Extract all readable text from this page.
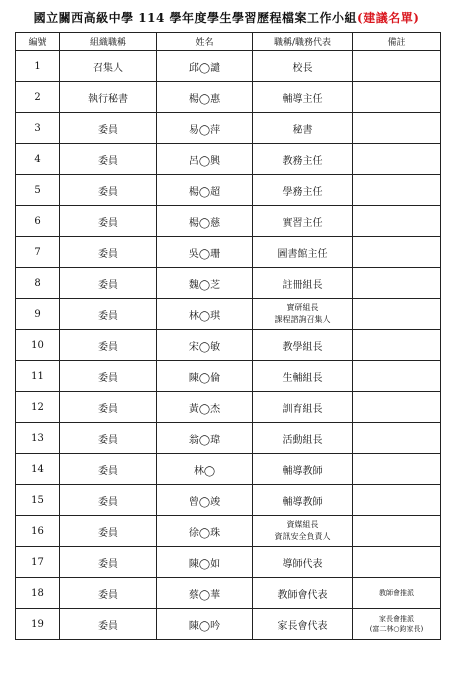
國立關西高級中學 114 學年度學生學習歷程檔案工作小組(建議名單)
編號	組織職稱	姓名	職稱/職務代表	備註
1	召集人	邱◯譴	校長	

2	執行秘書	楊◯惠	輔導主任	

3	委員	易◯萍	秘書	

4	委員	呂◯興	教務主任	

5	委員	楊◯超	學務主任	

6	委員	楊◯慈	實習主任	

7	委員	吳◯珊	圖書館主任	

8	委員	魏◯芝	註冊組長	

9	委員	林◯琪	實研組長
課程諮詢召集人	

10	委員	宋◯敏	教學組長	

11	委員	陳◯倫	生輔組長	

12	委員	黃◯杰	訓育組長	

13	委員	翁◯瑋	活動組長	

14	委員	林◯	輔導教師	

15	委員	曾◯竣	輔導教師	

16	委員	徐◯珠	資媒組長
資訊安全負責人	

17	委員	陳◯如	導師代表	

18	委員	蔡◯華	教師會代表	教師會推派

19	委員	陳◯吟	家長會代表	家長會推派
(富二林○鈞家長)
